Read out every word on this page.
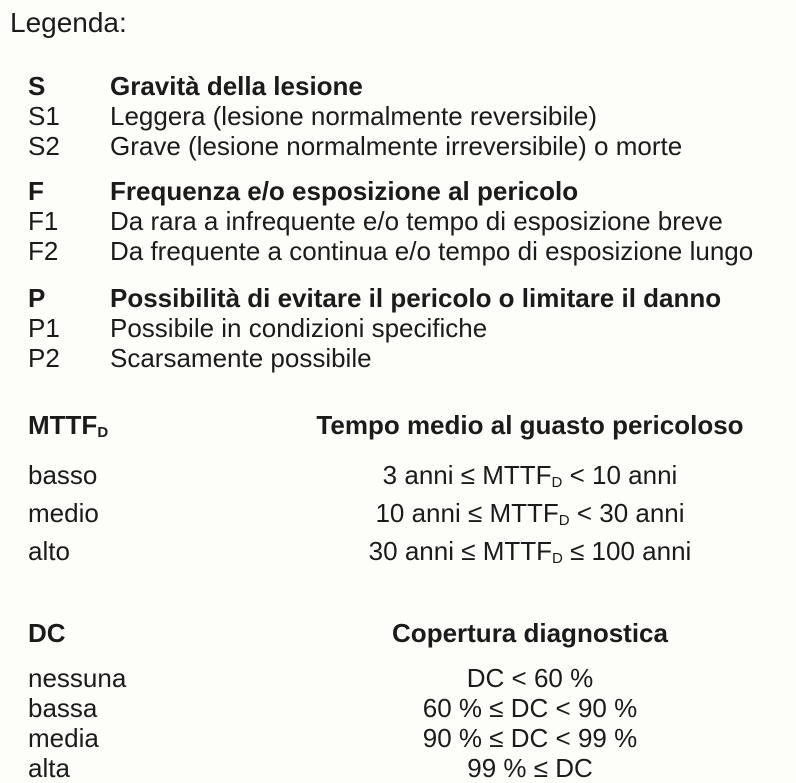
Legenda:
S	Gravità della lesione
S1	Leggera (lesione normalmente reversibile)
S2	Grave (lesione normalmente irreversibile) o morte
F	Frequenza e/o esposizione al pericolo
F1	Da rara a infrequente e/o tempo di esposizione breve
F2	Da frequente a continua e/o tempo di esposizione lungo
P	Possibilità di evitare il pericolo o limitare il danno
P1	Possibile in condizioni specifiche
P2	Scarsamente possibile
$MTTF_D$	Tempo medio al guasto pericoloso
basso	3 anni ≤ $MTTF_D < 10$ anni
medio	10 anni ≤ $MTTF_D < 30$ anni
alto	30 anni ≤ $MTTF_D \le 100$ anni
DC	Copertura diagnostica
nessuna	DC < 60 %
bassa	60 % ≤ DC < 90 %
media	90 % ≤ DC < 99 %
alta	99 % ≤ DC
